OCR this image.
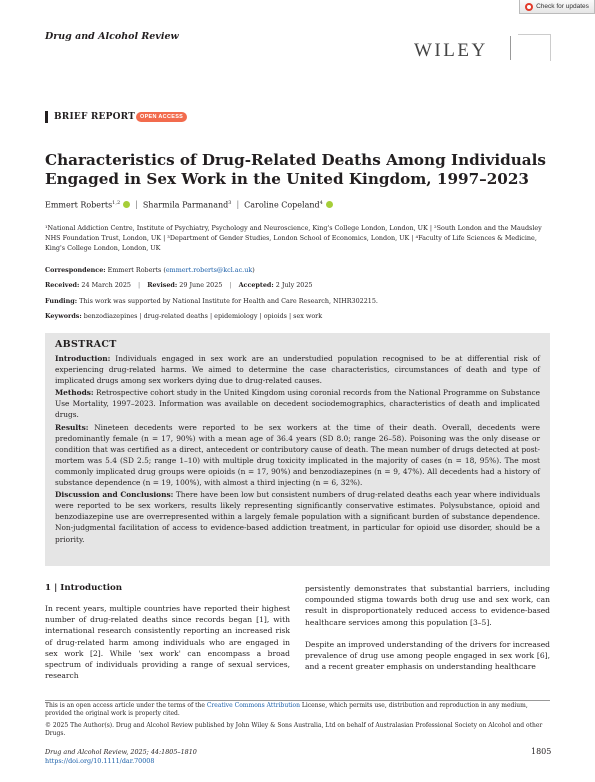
Check for updates
Drug and Alcohol Review
WILEY
BRIEF REPORT OPEN ACCESS
Characteristics of Drug-Related Deaths Among Individuals Engaged in Sex Work in the United Kingdom, 1997–2023
Emmert Roberts$^{1,2}$ | Sharmila Parmanand$^3$ | Caroline Copeland$^4$
¹National Addiction Centre, Institute of Psychiatry, Psychology and Neuroscience, King's College London, London, UK | ²South London and the Maudsley NHS Foundation Trust, London, UK | ³Department of Gender Studies, London School of Economics, London, UK | ⁴Faculty of Life Sciences & Medicine, King's College London, London, UK
Correspondence: Emmert Roberts (emmert.roberts@kcl.ac.uk)
Received: 24 March 2025 | Revised: 29 June 2025 | Accepted: 2 July 2025
Funding: This work was supported by National Institute for Health and Care Research, NIHR302215.
Keywords: benzodiazepines | drug-related deaths | epidemiology | opioids | sex work
ABSTRACT

Introduction: Individuals engaged in sex work are an understudied population recognised to be at differential risk of experiencing drug-related harms. We aimed to determine the case characteristics, circumstances of death and type of implicated drugs among sex workers dying due to drug-related causes.

Methods: Retrospective cohort study in the United Kingdom using coronial records from the National Programme on Substance Use Mortality, 1997–2023. Information was available on decedent sociodemographics, characteristics of death and implicated drugs.

Results: Nineteen decedents were reported to be sex workers at the time of their death. Overall, decedents were predominantly female (n = 17, 90%) with a mean age of 36.4 years (SD 8.0; range 26–58). Poisoning was the only disease or condition that was certified as a direct, antecedent or contributory cause of death. The mean number of drugs detected at post-mortem was 5.4 (SD 2.5; range 1–10) with multiple drug toxicity implicated in the majority of cases (n = 18, 95%). The most commonly implicated drug groups were opioids (n = 17, 90%) and benzodiazepines (n = 9, 47%). All decedents had a history of substance dependence (n = 19, 100%), with almost a third injecting (n = 6, 32%).

Discussion and Conclusions: There have been low but consistent numbers of drug-related deaths each year where individuals were reported to be sex workers, results likely representing significantly conservative estimates. Polysubstance, opioid and benzodiazepine use are overrepresented within a largely female population with a significant burden of substance dependence. Non-judgmental facilitation of access to evidence-based addiction treatment, in particular for opioid use disorder, should be a priority.

1 | Introduction

In recent years, multiple countries have reported their highest number of drug-related deaths since records began [1], with international research consistently reporting an increased risk of drug-related harm among individuals who are engaged in sex work [2]. While 'sex work' can encompass a broad spectrum of individuals providing a range of sexual services, research

persistently demonstrates that substantial barriers, including compounded stigma towards both drug use and sex work, can result in disproportionately reduced access to evidence-based healthcare services among this population [3–5].

Despite an improved understanding of the drivers for increased prevalence of drug use among people engaged in sex work [6], and a recent greater emphasis on understanding healthcare

This is an open access article under the terms of the Creative Commons Attribution License, which permits use, distribution and reproduction in any medium, provided the original work is properly cited.
© 2025 The Author(s). Drug and Alcohol Review published by John Wiley & Sons Australia, Ltd on behalf of Australasian Professional Society on Alcohol and other Drugs.
Drug and Alcohol Review, 2025; 44:1805–1810
https://doi.org/10.1111/dar.70008
1805
